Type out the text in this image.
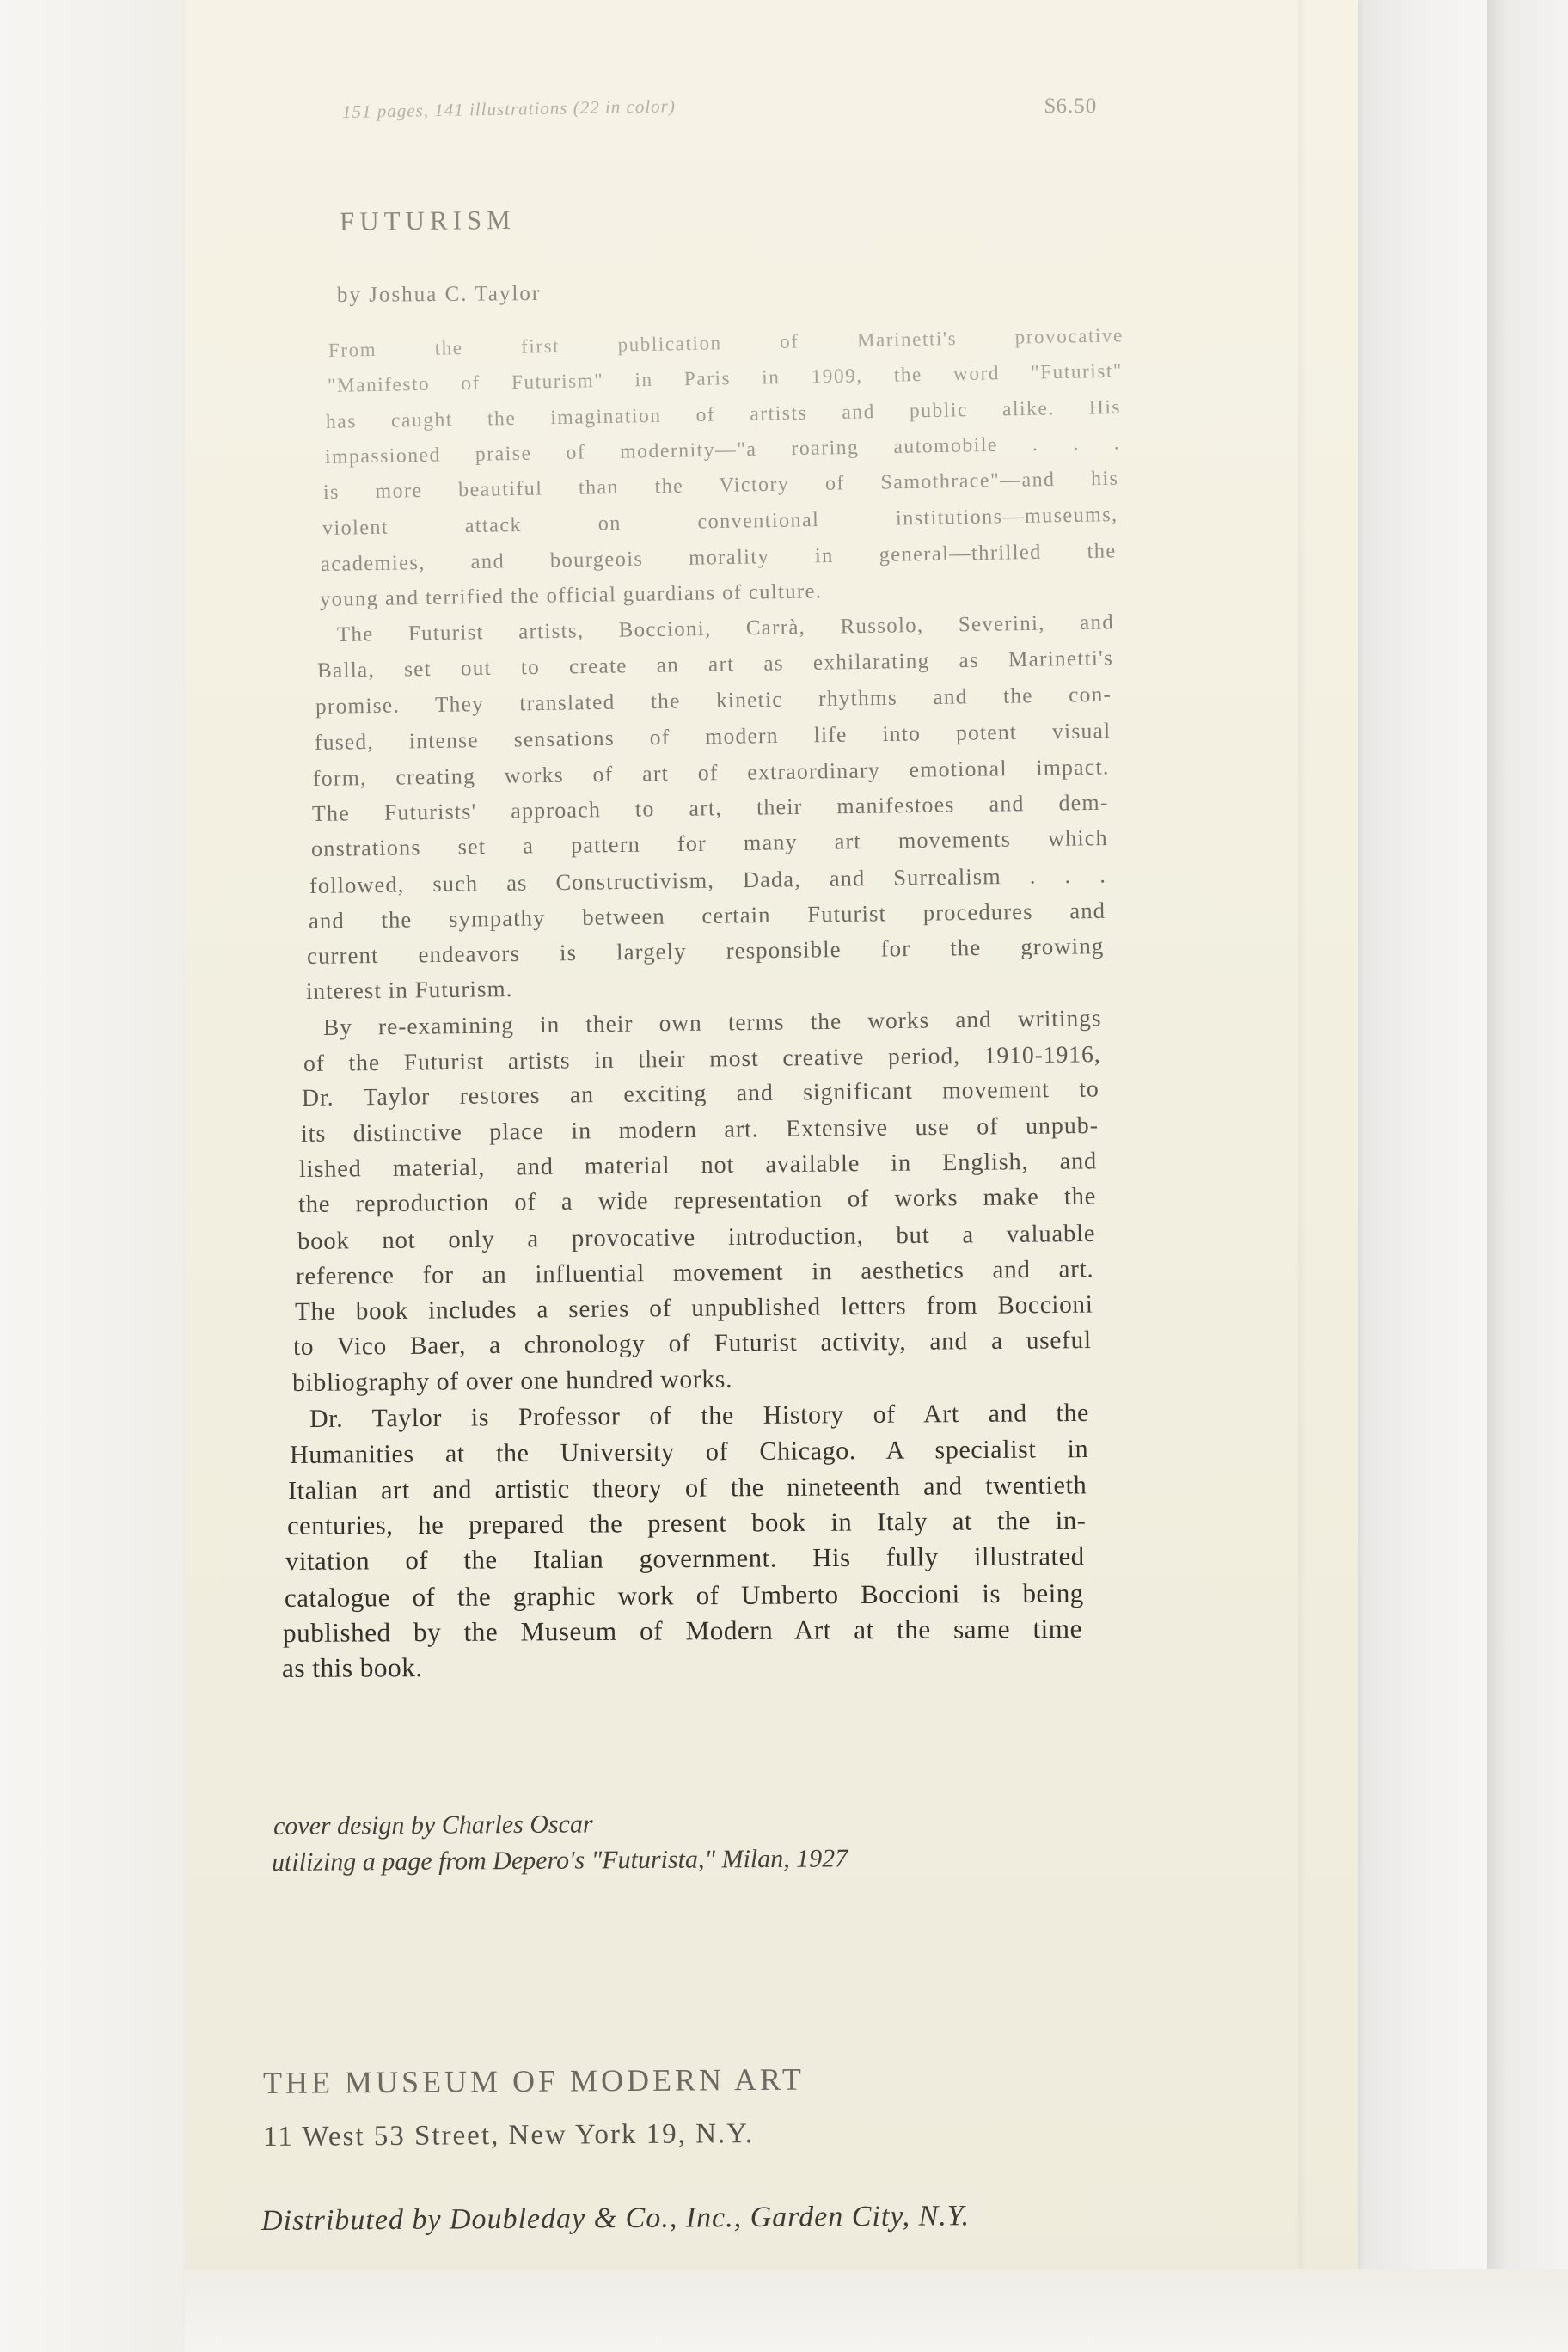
151 pages, 141 illustrations (22 in color)	$6.50
FUTURISM
by Joshua C. Taylor
From the first publication of Marinetti's provocative
"Manifesto of Futurism" in Paris in 1909, the word "Futurist"
has caught the imagination of artists and public alike. His
impassioned praise of modernity—"a roaring automobile . . .
is more beautiful than the Victory of Samothrace"—and his
violent attack on conventional institutions—museums,
academies, and bourgeois morality in general—thrilled the
young and terrified the official guardians of culture.
The Futurist artists, Boccioni, Carrà, Russolo, Severini, and
Balla, set out to create an art as exhilarating as Marinetti's
promise. They translated the kinetic rhythms and the con-
fused, intense sensations of modern life into potent visual
form, creating works of art of extraordinary emotional impact.
The Futurists' approach to art, their manifestoes and dem-
onstrations set a pattern for many art movements which
followed, such as Constructivism, Dada, and Surrealism . . .
and the sympathy between certain Futurist procedures and
current endeavors is largely responsible for the growing
interest in Futurism.
By re-examining in their own terms the works and writings
of the Futurist artists in their most creative period, 1910-1916,
Dr. Taylor restores an exciting and significant movement to
its distinctive place in modern art. Extensive use of unpub-
lished material, and material not available in English, and
the reproduction of a wide representation of works make the
book not only a provocative introduction, but a valuable
reference for an influential movement in aesthetics and art.
The book includes a series of unpublished letters from Boccioni
to Vico Baer, a chronology of Futurist activity, and a useful
bibliography of over one hundred works.
Dr. Taylor is Professor of the History of Art and the
Humanities at the University of Chicago. A specialist in
Italian art and artistic theory of the nineteenth and twentieth
centuries, he prepared the present book in Italy at the in-
vitation of the Italian government. His fully illustrated
catalogue of the graphic work of Umberto Boccioni is being
published by the Museum of Modern Art at the same time
as this book.
cover design by Charles Oscar
utilizing a page from Depero's "Futurista," Milan, 1927
THE MUSEUM OF MODERN ART
11 West 53 Street, New York 19, N.Y.
Distributed by Doubleday & Co., Inc., Garden City, N.Y.
